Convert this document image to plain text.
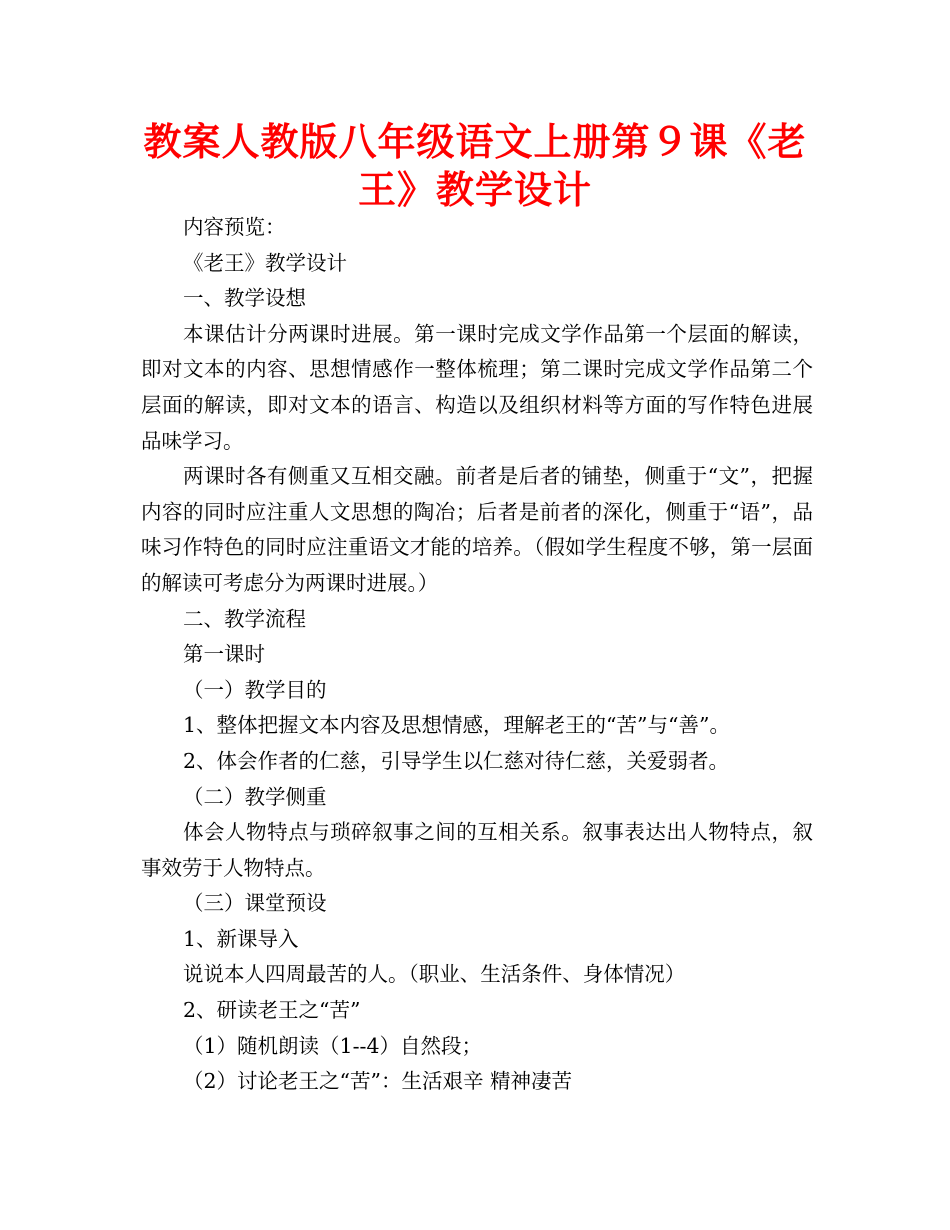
教案人教版八年级语文上册第９课《老王》教学设计

内容预览：

《老王》教学设计

一、教学设想

本课估计分两课时进展。第一课时完成文学作品第一个层面的解读，即对文本的内容、思想情感作一整体梳理；第二课时完成文学作品第二个层面的解读，即对文本的语言、构造以及组织材料等方面的写作特色进展品味学习。

两课时各有侧重又互相交融。前者是后者的铺垫，侧重于“文”，把握内容的同时应注重人文思想的陶冶；后者是前者的深化，侧重于“语”，品味习作特色的同时应注重语文才能的培养。（假如学生程度不够，第一层面的解读可考虑分为两课时进展。）

二、教学流程

第一课时

（一）教学目的

1、整体把握文本内容及思想情感，理解老王的“苦”与“善”。

2、体会作者的仁慈，引导学生以仁慈对待仁慈，关爱弱者。

（二）教学侧重

体会人物特点与琐碎叙事之间的互相关系。叙事表达出人物特点，叙事效劳于人物特点。

（三）课堂预设

1、新课导入

说说本人四周最苦的人。（职业、生活条件、身体情况）

2、研读老王之“苦”

（1）随机朗读（1--4）自然段；

（2）讨论老王之“苦”：生活艰辛 精神凄苦
